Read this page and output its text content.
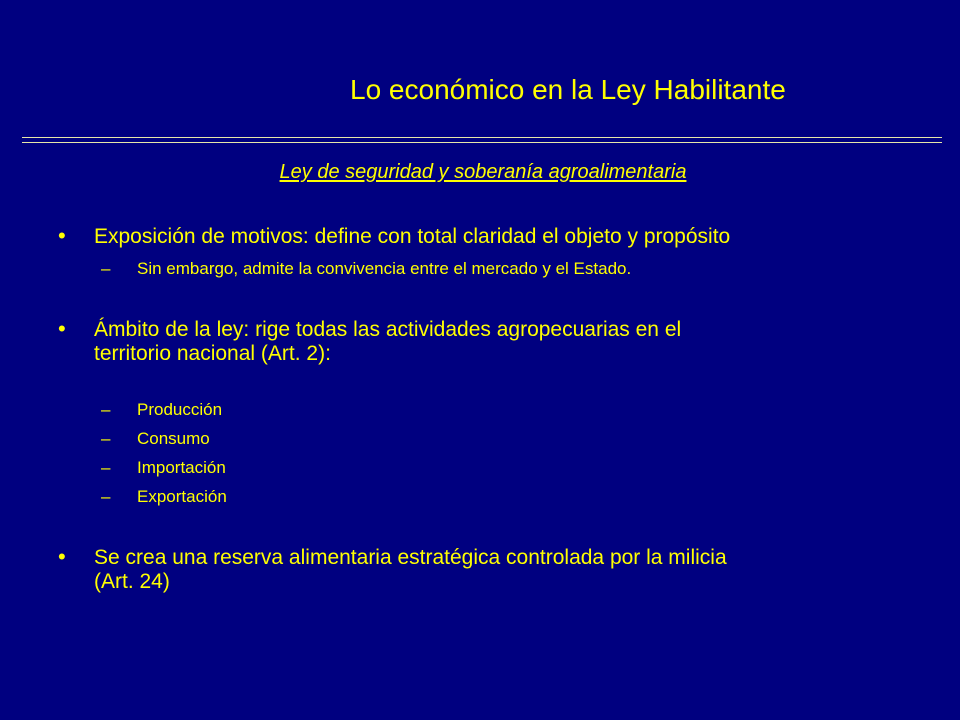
Lo económico en la Ley Habilitante
Ley de seguridad y soberanía agroalimentaria
• Exposición de motivos: define con total claridad el objeto y propósito
– Sin embargo, admite la convivencia entre el mercado y el Estado.
• Ámbito de la ley: rige todas las actividades agropecuarias en el
territorio nacional (Art. 2):
– Producción
– Consumo
– Importación
– Exportación
• Se crea una reserva alimentaria estratégica controlada por la milicia
(Art. 24)
